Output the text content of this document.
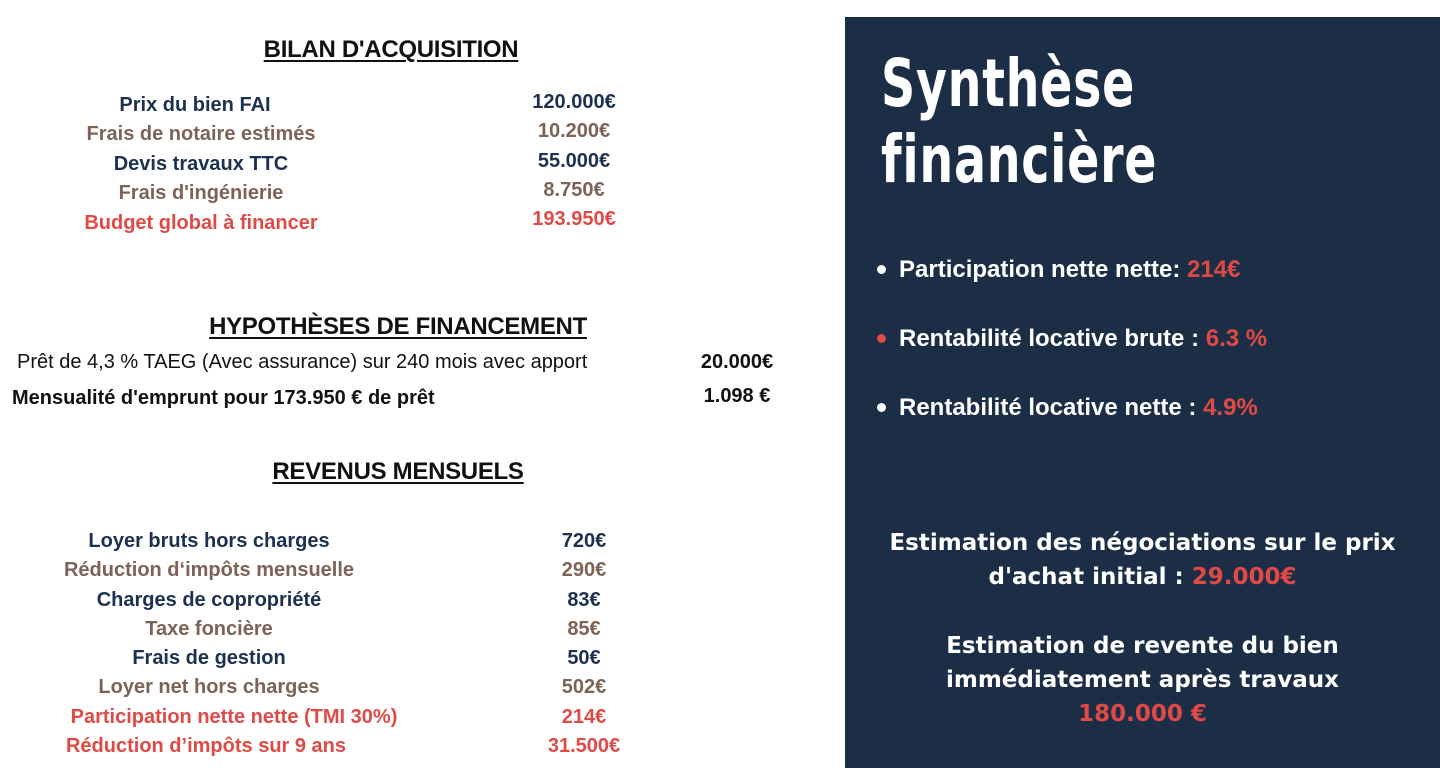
BILAN D'ACQUISITION
Prix du bien FAI	120.000€
Frais de notaire estimés	10.200€
Devis travaux TTC	55.000€
Frais d'ingénierie	8.750€
Budget global à financer	193.950€
HYPOTHÈSES DE FINANCEMENT
Prêt de 4,3 % TAEG (Avec assurance) sur 240 mois avec apport	20.000€
Mensualité d'emprunt pour 173.950 € de prêt	1.098 €
REVENUS MENSUELS
Loyer bruts hors charges	720€
Réduction d‘impôts mensuelle	290€
Charges de copropriété	83€
Taxe foncière	85€
Frais de gestion	50€
Loyer net hors charges	502€
Participation nette nette (TMI 30%)	214€
Réduction d’impôts sur 9 ans	31.500€
Synthèse
financière
Participation nette nette: 214€
Rentabilité locative brute : 6.3 %
Rentabilité locative nette : 4.9%
Estimation des négociations sur le prix
d'achat initial : 29.000€
Estimation de revente du bien
immédiatement après travaux
180.000 €
